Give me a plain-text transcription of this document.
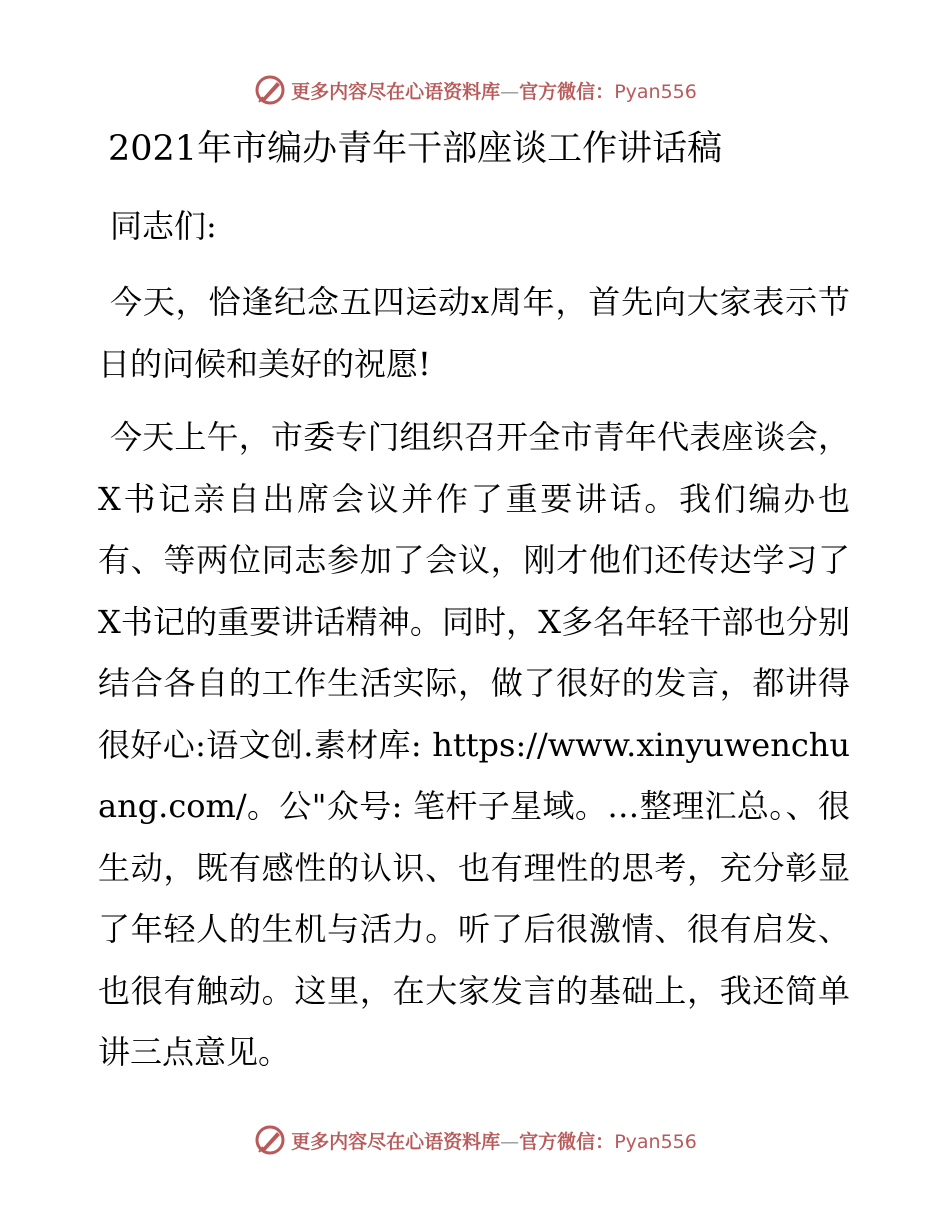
更多内容尽在心语资料库—官方微信：Pyan556
2021年市编办青年干部座谈工作讲话稿
同志们:

今天，恰逢纪念五四运动x周年，首先向大家表示节日的问候和美好的祝愿!

今天上午，市委专门组织召开全市青年代表座谈会，X书记亲自出席会议并作了重要讲话。我们编办也有、等两位同志参加了会议，刚才他们还传达学习了X书记的重要讲话精神。同时，X多名年轻干部也分别结合各自的工作生活实际，做了很好的发言，都讲得很好心:语文创.素材库: https://www.xinyuwenchuang.com/。公"众号: 笔杆子星域。…整理汇总。、很生动，既有感性的认识、也有理性的思考，充分彰显了年轻人的生机与活力。听了后很激情、很有启发、也很有触动。这里，在大家发言的基础上，我还简单讲三点意见。

更多内容尽在心语资料库—官方微信：Pyan556
